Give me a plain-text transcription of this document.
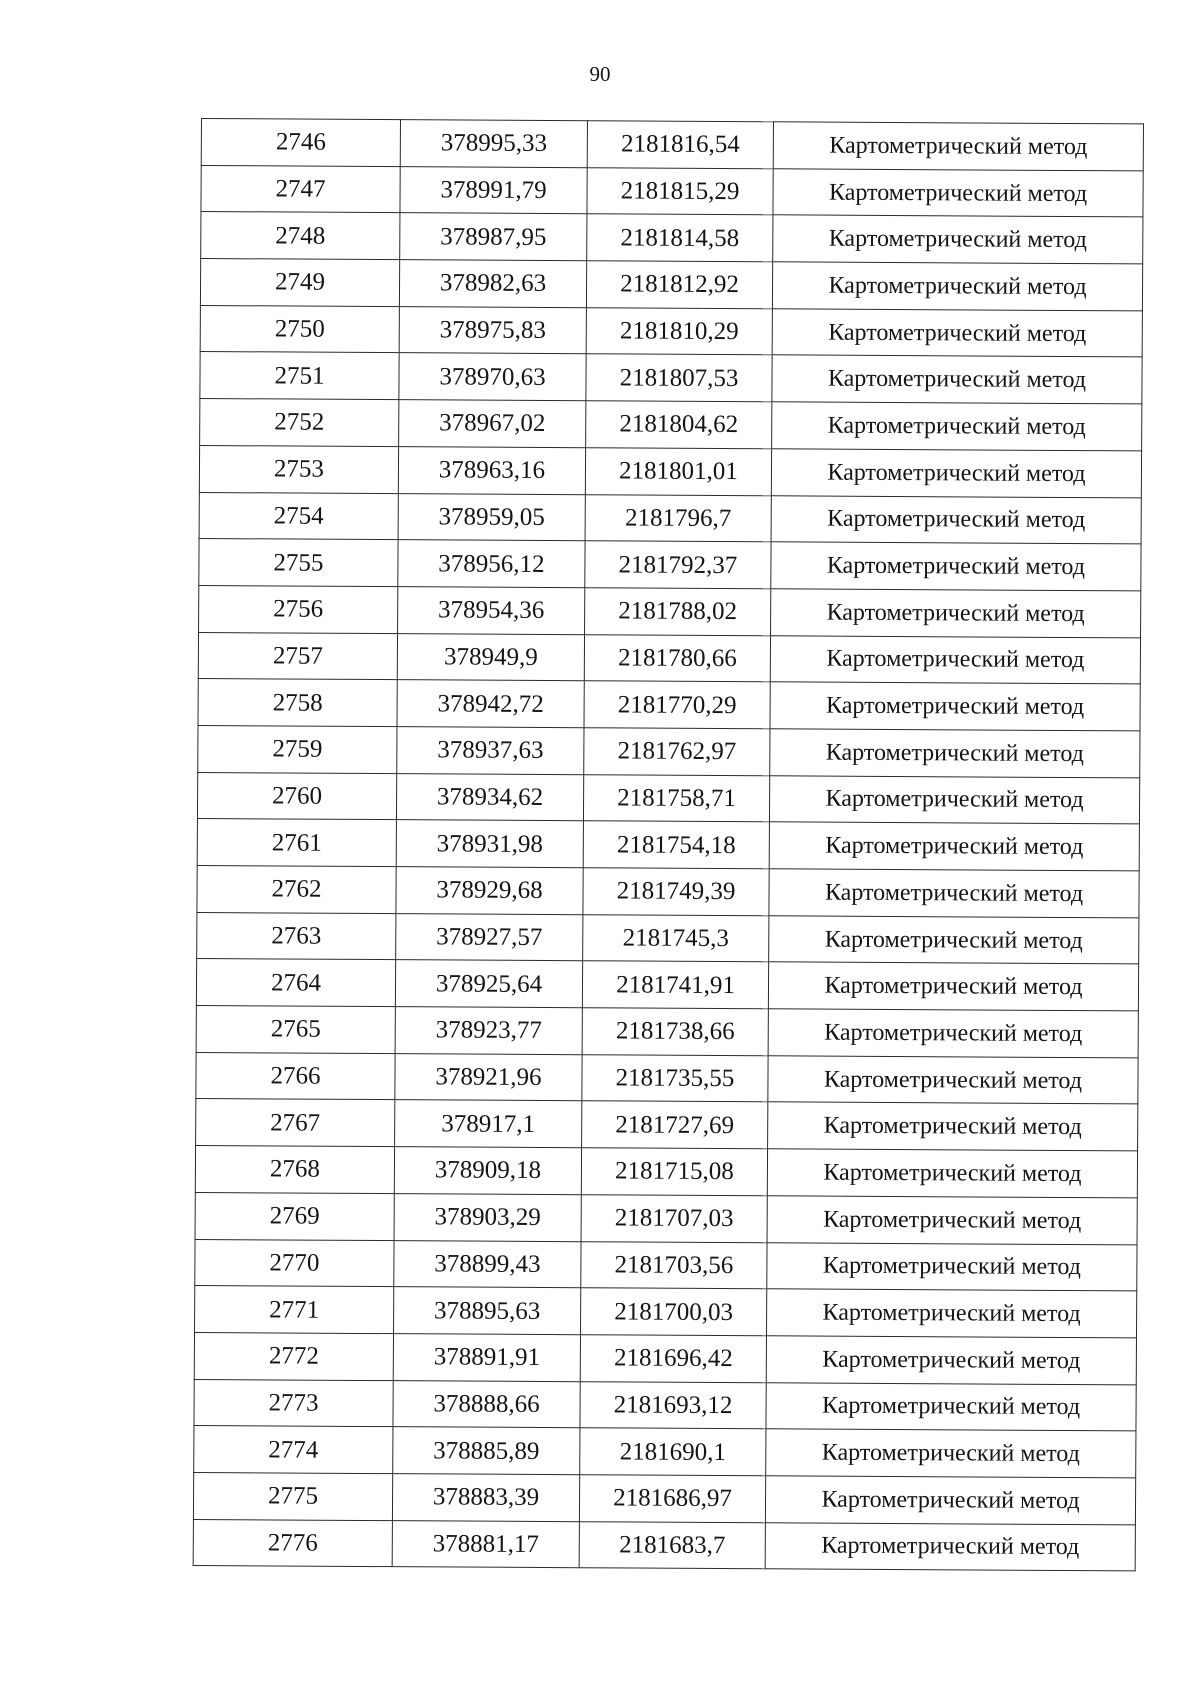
90
2746	378995,33	2181816,54	Картометрический метод
2747	378991,79	2181815,29	Картометрический метод
2748	378987,95	2181814,58	Картометрический метод
2749	378982,63	2181812,92	Картометрический метод
2750	378975,83	2181810,29	Картометрический метод
2751	378970,63	2181807,53	Картометрический метод
2752	378967,02	2181804,62	Картометрический метод
2753	378963,16	2181801,01	Картометрический метод
2754	378959,05	2181796,7	Картометрический метод
2755	378956,12	2181792,37	Картометрический метод
2756	378954,36	2181788,02	Картометрический метод
2757	378949,9	2181780,66	Картометрический метод
2758	378942,72	2181770,29	Картометрический метод
2759	378937,63	2181762,97	Картометрический метод
2760	378934,62	2181758,71	Картометрический метод
2761	378931,98	2181754,18	Картометрический метод
2762	378929,68	2181749,39	Картометрический метод
2763	378927,57	2181745,3	Картометрический метод
2764	378925,64	2181741,91	Картометрический метод
2765	378923,77	2181738,66	Картометрический метод
2766	378921,96	2181735,55	Картометрический метод
2767	378917,1	2181727,69	Картометрический метод
2768	378909,18	2181715,08	Картометрический метод
2769	378903,29	2181707,03	Картометрический метод
2770	378899,43	2181703,56	Картометрический метод
2771	378895,63	2181700,03	Картометрический метод
2772	378891,91	2181696,42	Картометрический метод
2773	378888,66	2181693,12	Картометрический метод
2774	378885,89	2181690,1	Картометрический метод
2775	378883,39	2181686,97	Картометрический метод
2776	378881,17	2181683,7	Картометрический метод
